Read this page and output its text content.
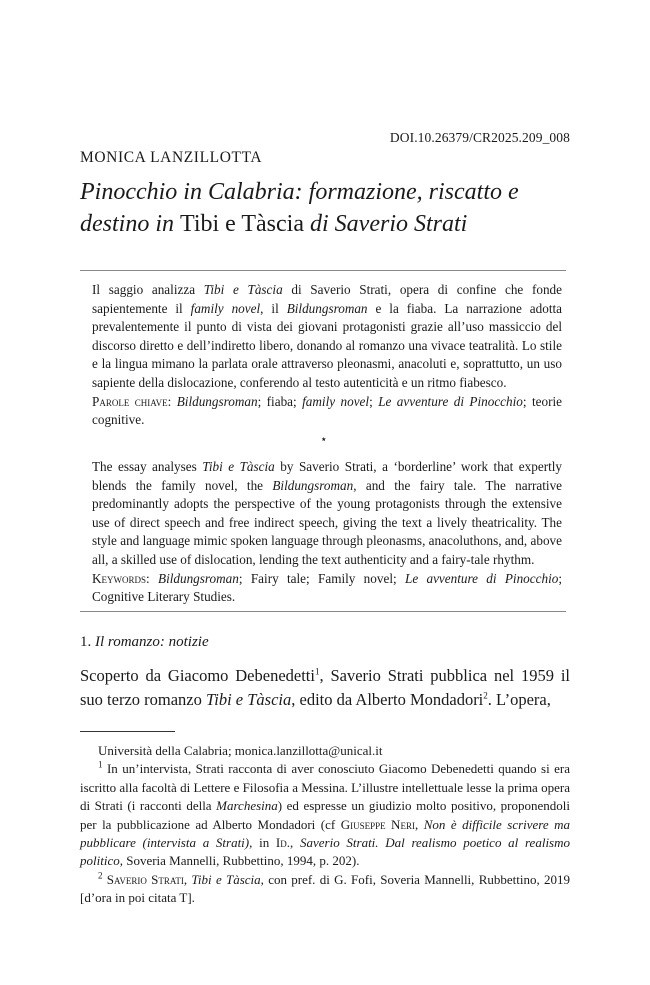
DOI.10.26379/CR2025.209_008
MONICA LANZILLOTTA
Pinocchio in Calabria: formazione, riscatto e destino in Tibi e Tàscia di Saverio Strati

Il saggio analizza Tibi e Tàscia di Saverio Strati, opera di confine che fonde sapientemente il family novel, il Bildungsroman e la fiaba. La narrazione adotta prevalentemente il punto di vista dei giovani protagonisti grazie all’uso massiccio del discorso diretto e dell’indiretto libero, donando al romanzo una vivace teatralità. Lo stile e la lingua mimano la parlata orale attraverso pleonasmi, anacoluti e, soprattutto, un uso sapiente della dislocazione, conferendo al testo autenticità e un ritmo fiabesco.
Parole chiave: Bildungsroman; fiaba; family novel; Le avventure di Pinocchio; teorie cognitive.

⋆

The essay analyses Tibi e Tàscia by Saverio Strati, a ‘borderline’ work that expertly blends the family novel, the Bildungsroman, and the fairy tale. The narrative predominantly adopts the perspective of the young protagonists through the extensive use of direct speech and free indirect speech, giving the text a lively theatricality. The style and language mimic spoken language through pleonasms, anacoluthons, and, above all, a skilled use of dislocation, lending the text authenticity and a fairy-tale rhythm.
Keywords: Bildungsroman; Fairy tale; Family novel; Le avventure di Pinocchio; Cognitive Literary Studies.

1. Il romanzo: notizie

Scoperto da Giacomo Debenedetti$^1$, Saverio Strati pubblica nel 1959 il suo terzo romanzo Tibi e Tàscia, edito da Alberto Mondadori$^2$. L’opera,

Università della Calabria; monica.lanzillotta@unical.it

$^1$ In un’intervista, Strati racconta di aver conosciuto Giacomo Debenedetti quando si era iscritto alla facoltà di Lettere e Filosofia a Messina. L’illustre intellettuale lesse la prima opera di Strati (i racconti della Marchesina) ed espresse un giudizio molto positivo, proponendoli per la pubblicazione ad Alberto Mondadori (cf Giuseppe Neri, Non è difficile scrivere ma pubblicare (intervista a Strati), in Id., Saverio Strati. Dal realismo poetico al realismo politico, Soveria Mannelli, Rubbettino, 1994, p. 202).

$^2$ Saverio Strati, Tibi e Tàscia, con pref. di G. Fofi, Soveria Mannelli, Rubbettino, 2019 [d’ora in poi citata T].
